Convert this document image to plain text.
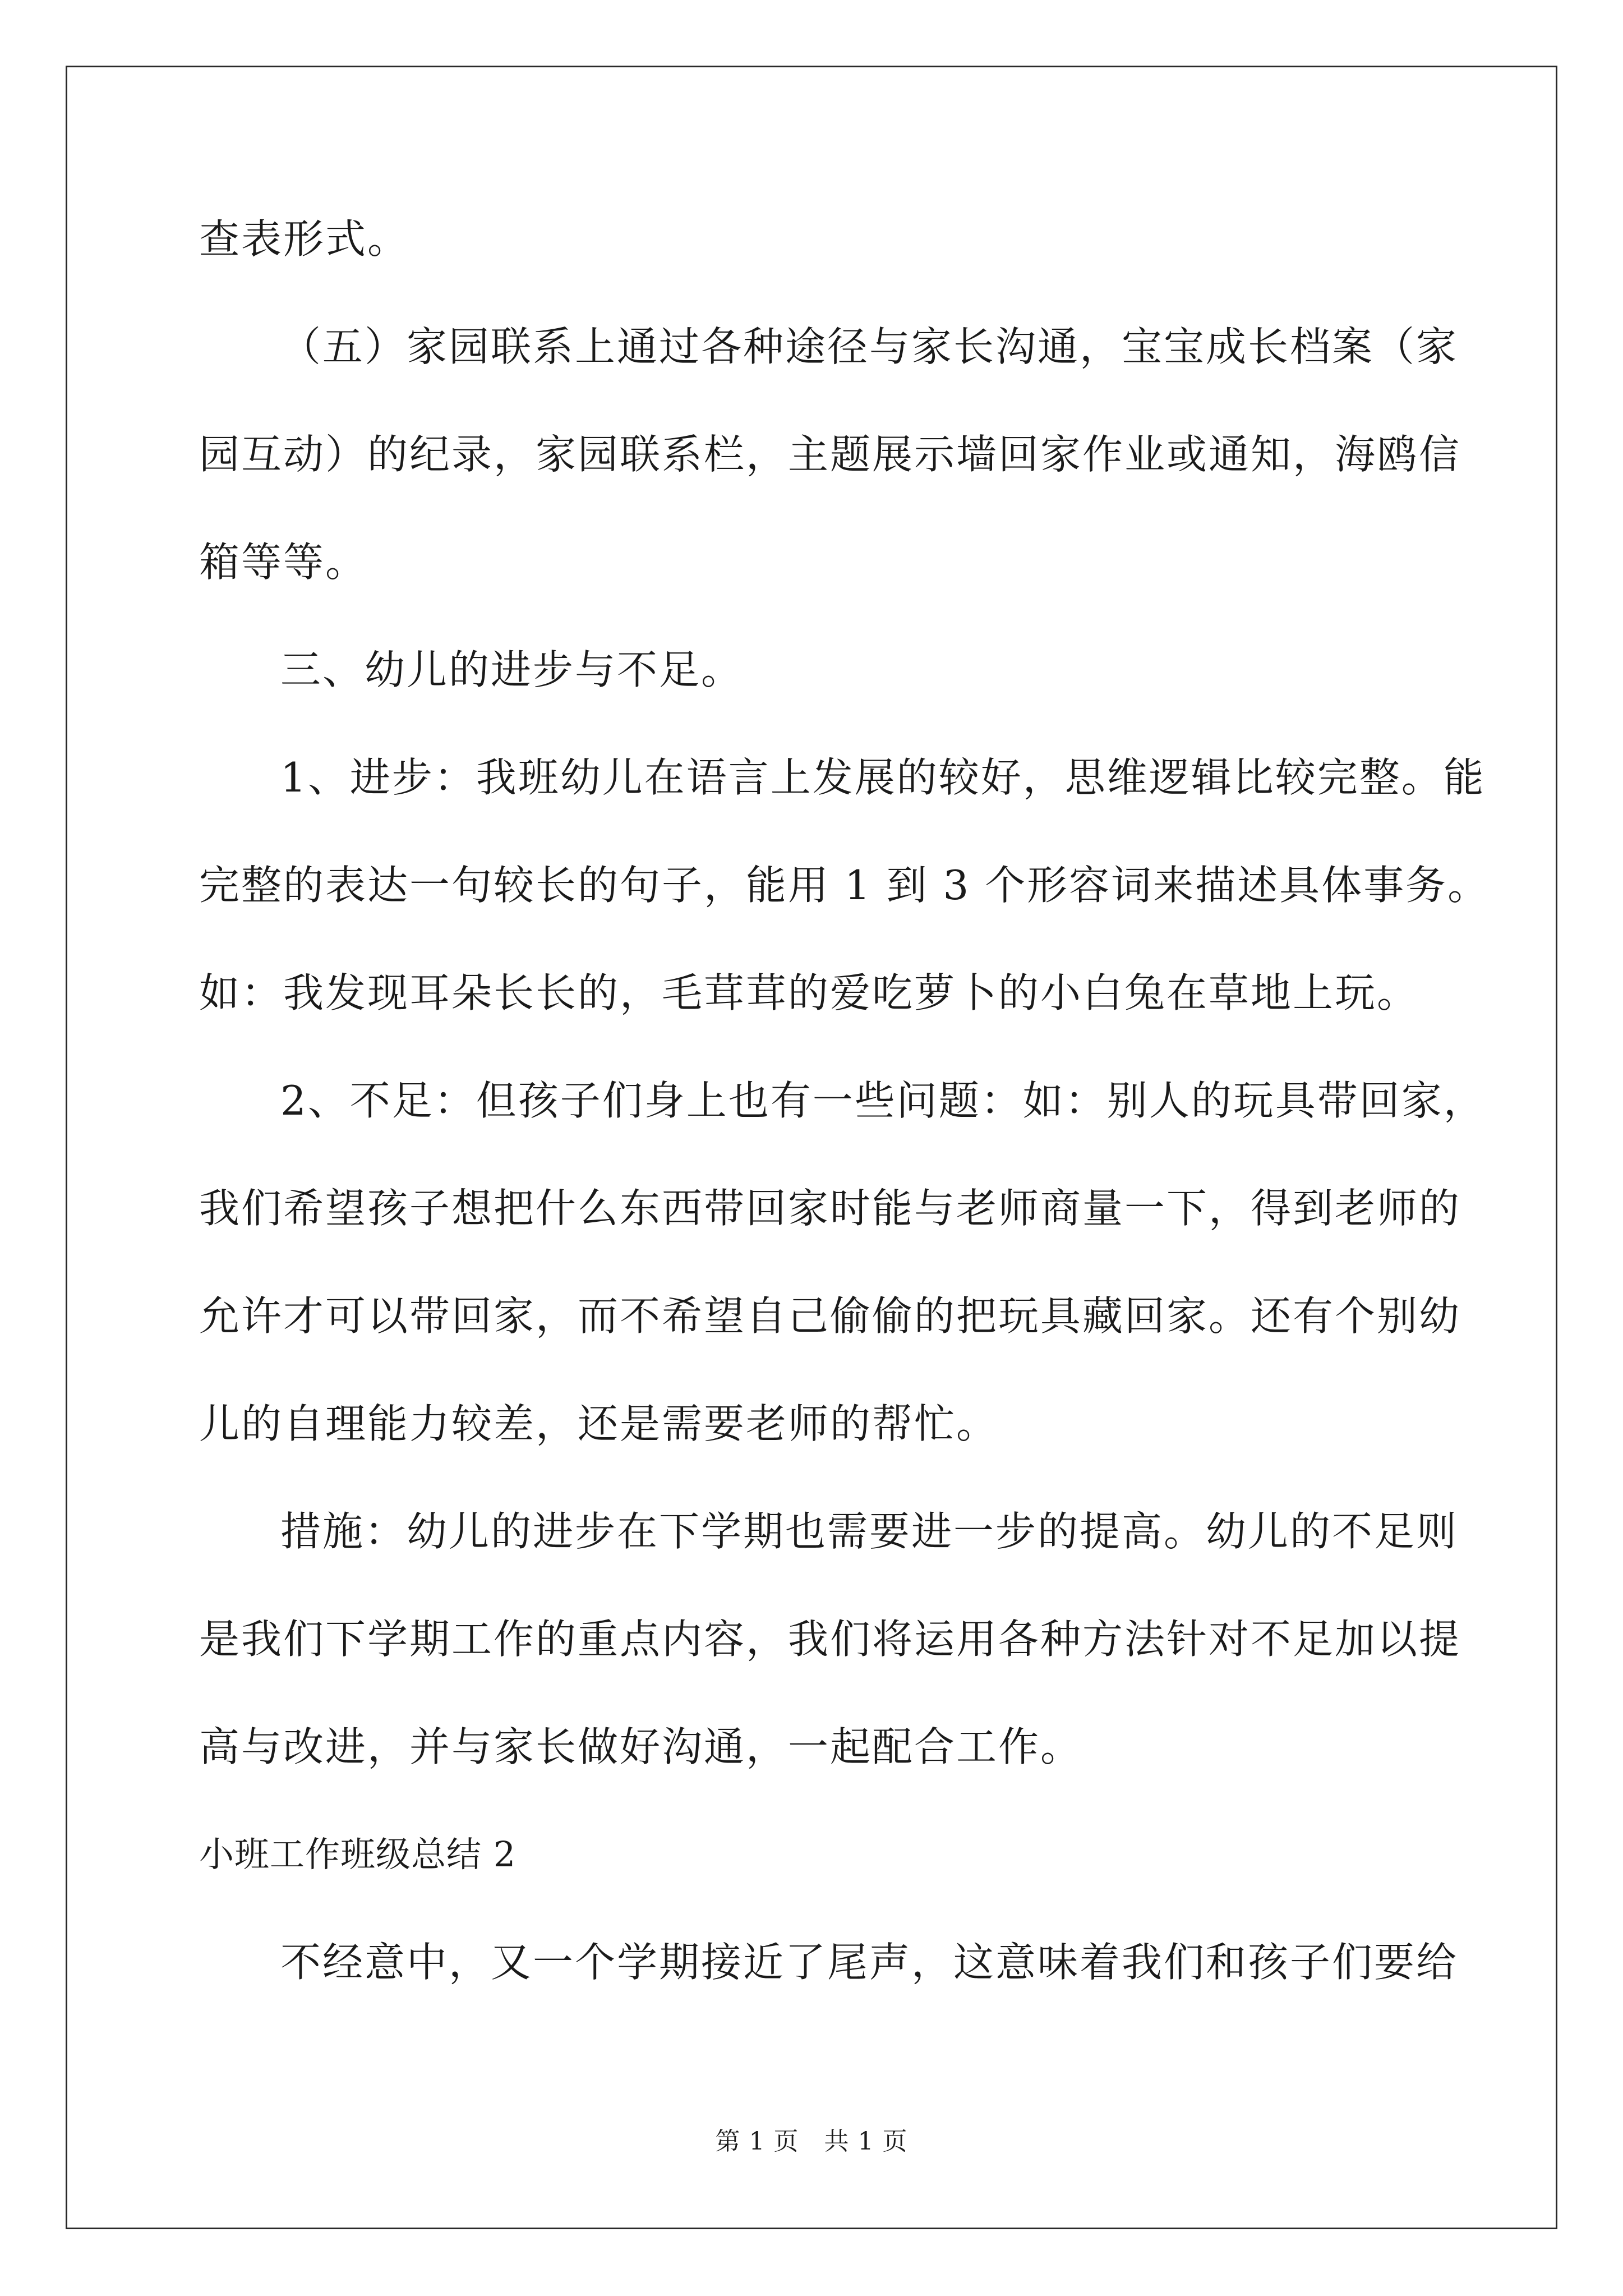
查表形式。
（五）家园联系上通过各种途径与家长沟通，宝宝成长档案（家
园互动）的纪录，家园联系栏，主题展示墙回家作业或通知，海鸥信
箱等等。
三、幼儿的进步与不足。
1、进步：我班幼儿在语言上发展的较好，思维逻辑比较完整。能
完整的表达一句较长的句子，能用 1 到 3 个形容词来描述具体事务。
如：我发现耳朵长长的，毛茸茸的爱吃萝卜的小白兔在草地上玩。
2、不足：但孩子们身上也有一些问题：如：别人的玩具带回家，
我们希望孩子想把什么东西带回家时能与老师商量一下，得到老师的
允许才可以带回家，而不希望自己偷偷的把玩具藏回家。还有个别幼
儿的自理能力较差，还是需要老师的帮忙。
措施：幼儿的进步在下学期也需要进一步的提高。幼儿的不足则
是我们下学期工作的重点内容，我们将运用各种方法针对不足加以提
高与改进，并与家长做好沟通，一起配合工作。
小班工作班级总结 2
不经意中，又一个学期接近了尾声，这意味着我们和孩子们要给
第 1 页　共 1 页
